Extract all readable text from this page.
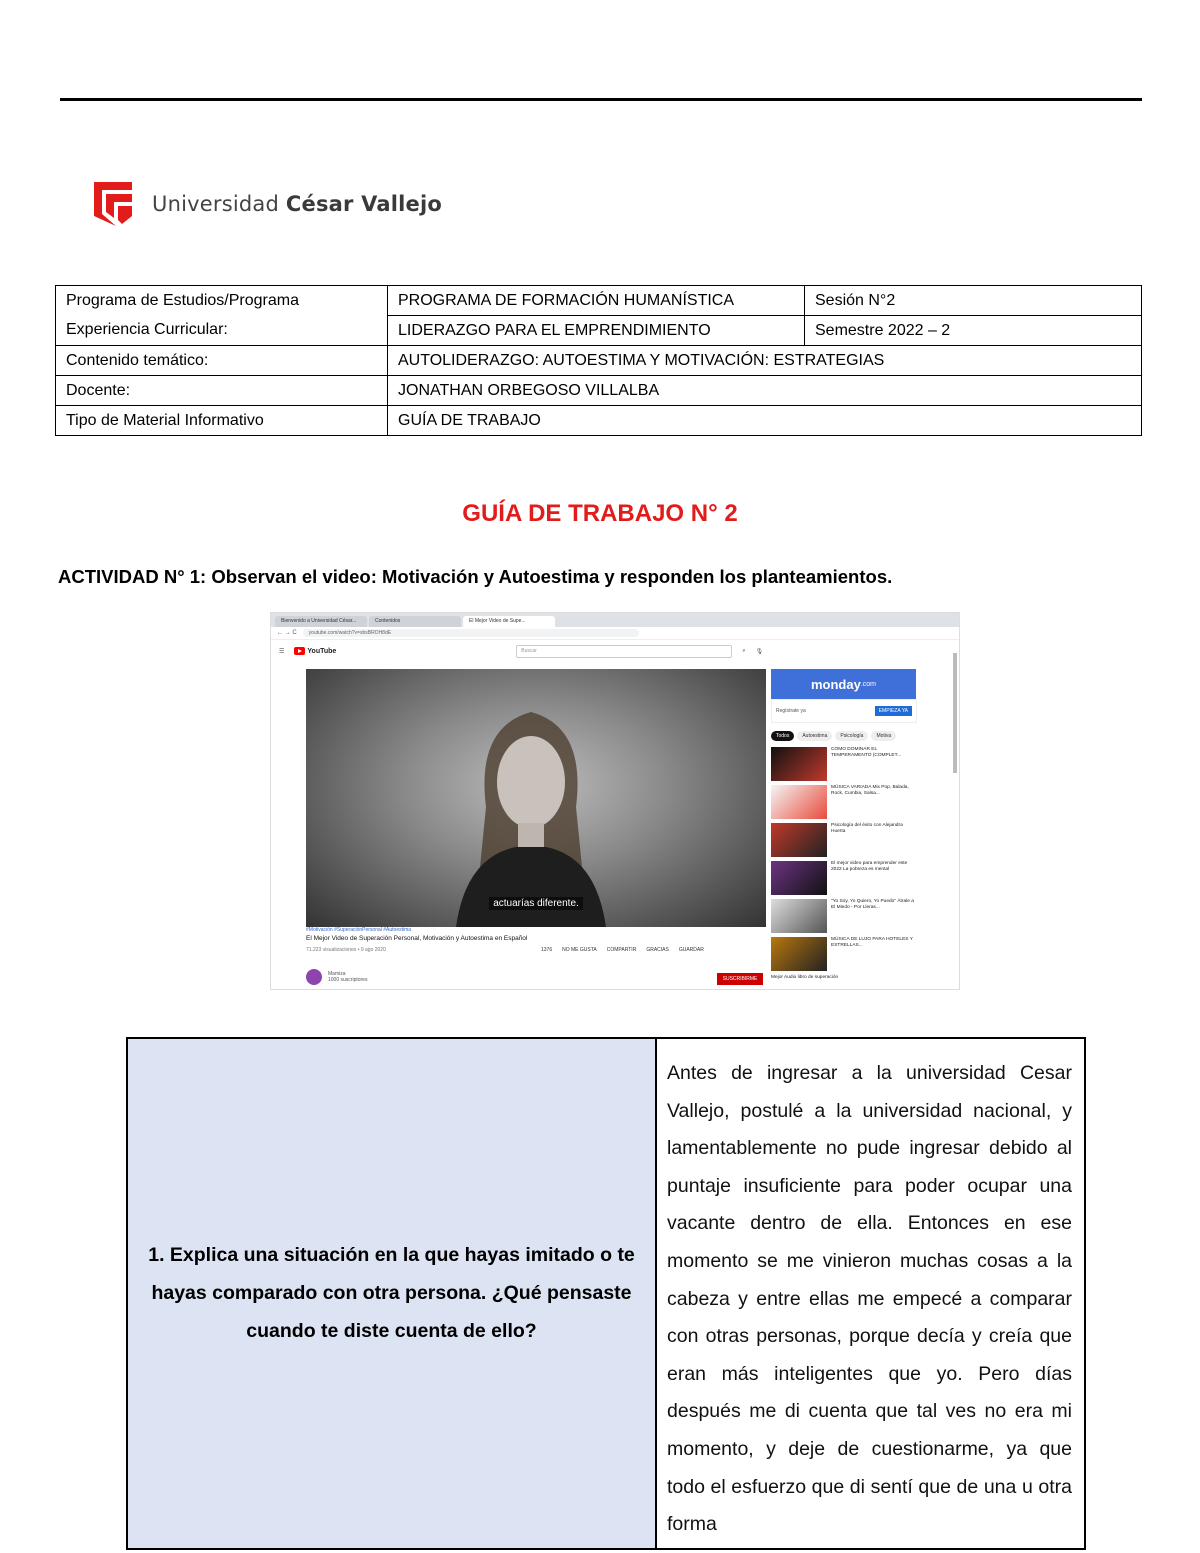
Universidad César Vallejo
Programa de Estudios/Programa	PROGRAMA DE FORMACIÓN HUMANÍSTICA	Sesión N°2
Experiencia Curricular:	LIDERAZGO PARA EL EMPRENDIMIENTO	Semestre 2022 – 2
Contenido temático:	AUTOLIDERAZGO: AUTOESTIMA Y MOTIVACIÓN: ESTRATEGIAS	
Docente:	JONATHAN ORBEGOSO VILLALBA	
Tipo de Material Informativo	GUÍA DE TRABAJO	
GUÍA DE TRABAJO N° 2
ACTIVIDAD N° 1: Observan el video: Motivación y Autoestima y responden los planteamientos.
Bienvenido a Universidad César...	Contenidos	El Mejor Video de Supe...
← → C	youtube.com/watch?v=sbsBROH8dE
☰	YouTube	Buscar	⌕ 🎙
actuarías diferente.
#Motivación #SuperaciónPersonal #Autoestima
El Mejor Video de Superación Personal, Motivación y Autoestima en Español
71.223 visualizaciones • 9 ago 2020	1376 NO ME GUSTA COMPARTIR GRACIAS GUARDAR
Mamiza
1000 suscriptores	SUSCRIBIRME
monday .com
Regístrate ya	EMPIEZA YA
Todos	Autoestima	Psicología	Motiva
COMO DOMINAR EL TEMPERAMENTO (COMPLET...
MÚSICA VARIADA Mix Pop, Balada, Rock, Cumbia, Salsa...
Psicología del éxito con Alejandra Huerta
El mejor video para emprender este 2022 La pobreza es mental
"Yo Soy, Yo Quiero, Yo Puedo" Átrale a El Miedo - Por Lleras...
MÚSICA DE LUJO PARA HOTELES Y ESTRELLAS...
Mejor Audio libro de superación
1. Explica una situación en la que hayas imitado o te hayas comparado con otra persona. ¿Qué pensaste cuando te diste cuenta de ello?	Antes de ingresar a la universidad Cesar Vallejo, postulé a la universidad nacional, y lamentablemente no pude ingresar debido al puntaje insuficiente para poder ocupar una vacante dentro de ella. Entonces en ese momento se me vinieron muchas cosas a la cabeza y entre ellas me empecé a comparar con otras personas, porque decía y creía que eran más inteligentes que yo. Pero días después me di cuenta que tal ves no era mi momento, y deje de cuestionarme, ya que todo el esfuerzo que di sentí que de una u otra forma
